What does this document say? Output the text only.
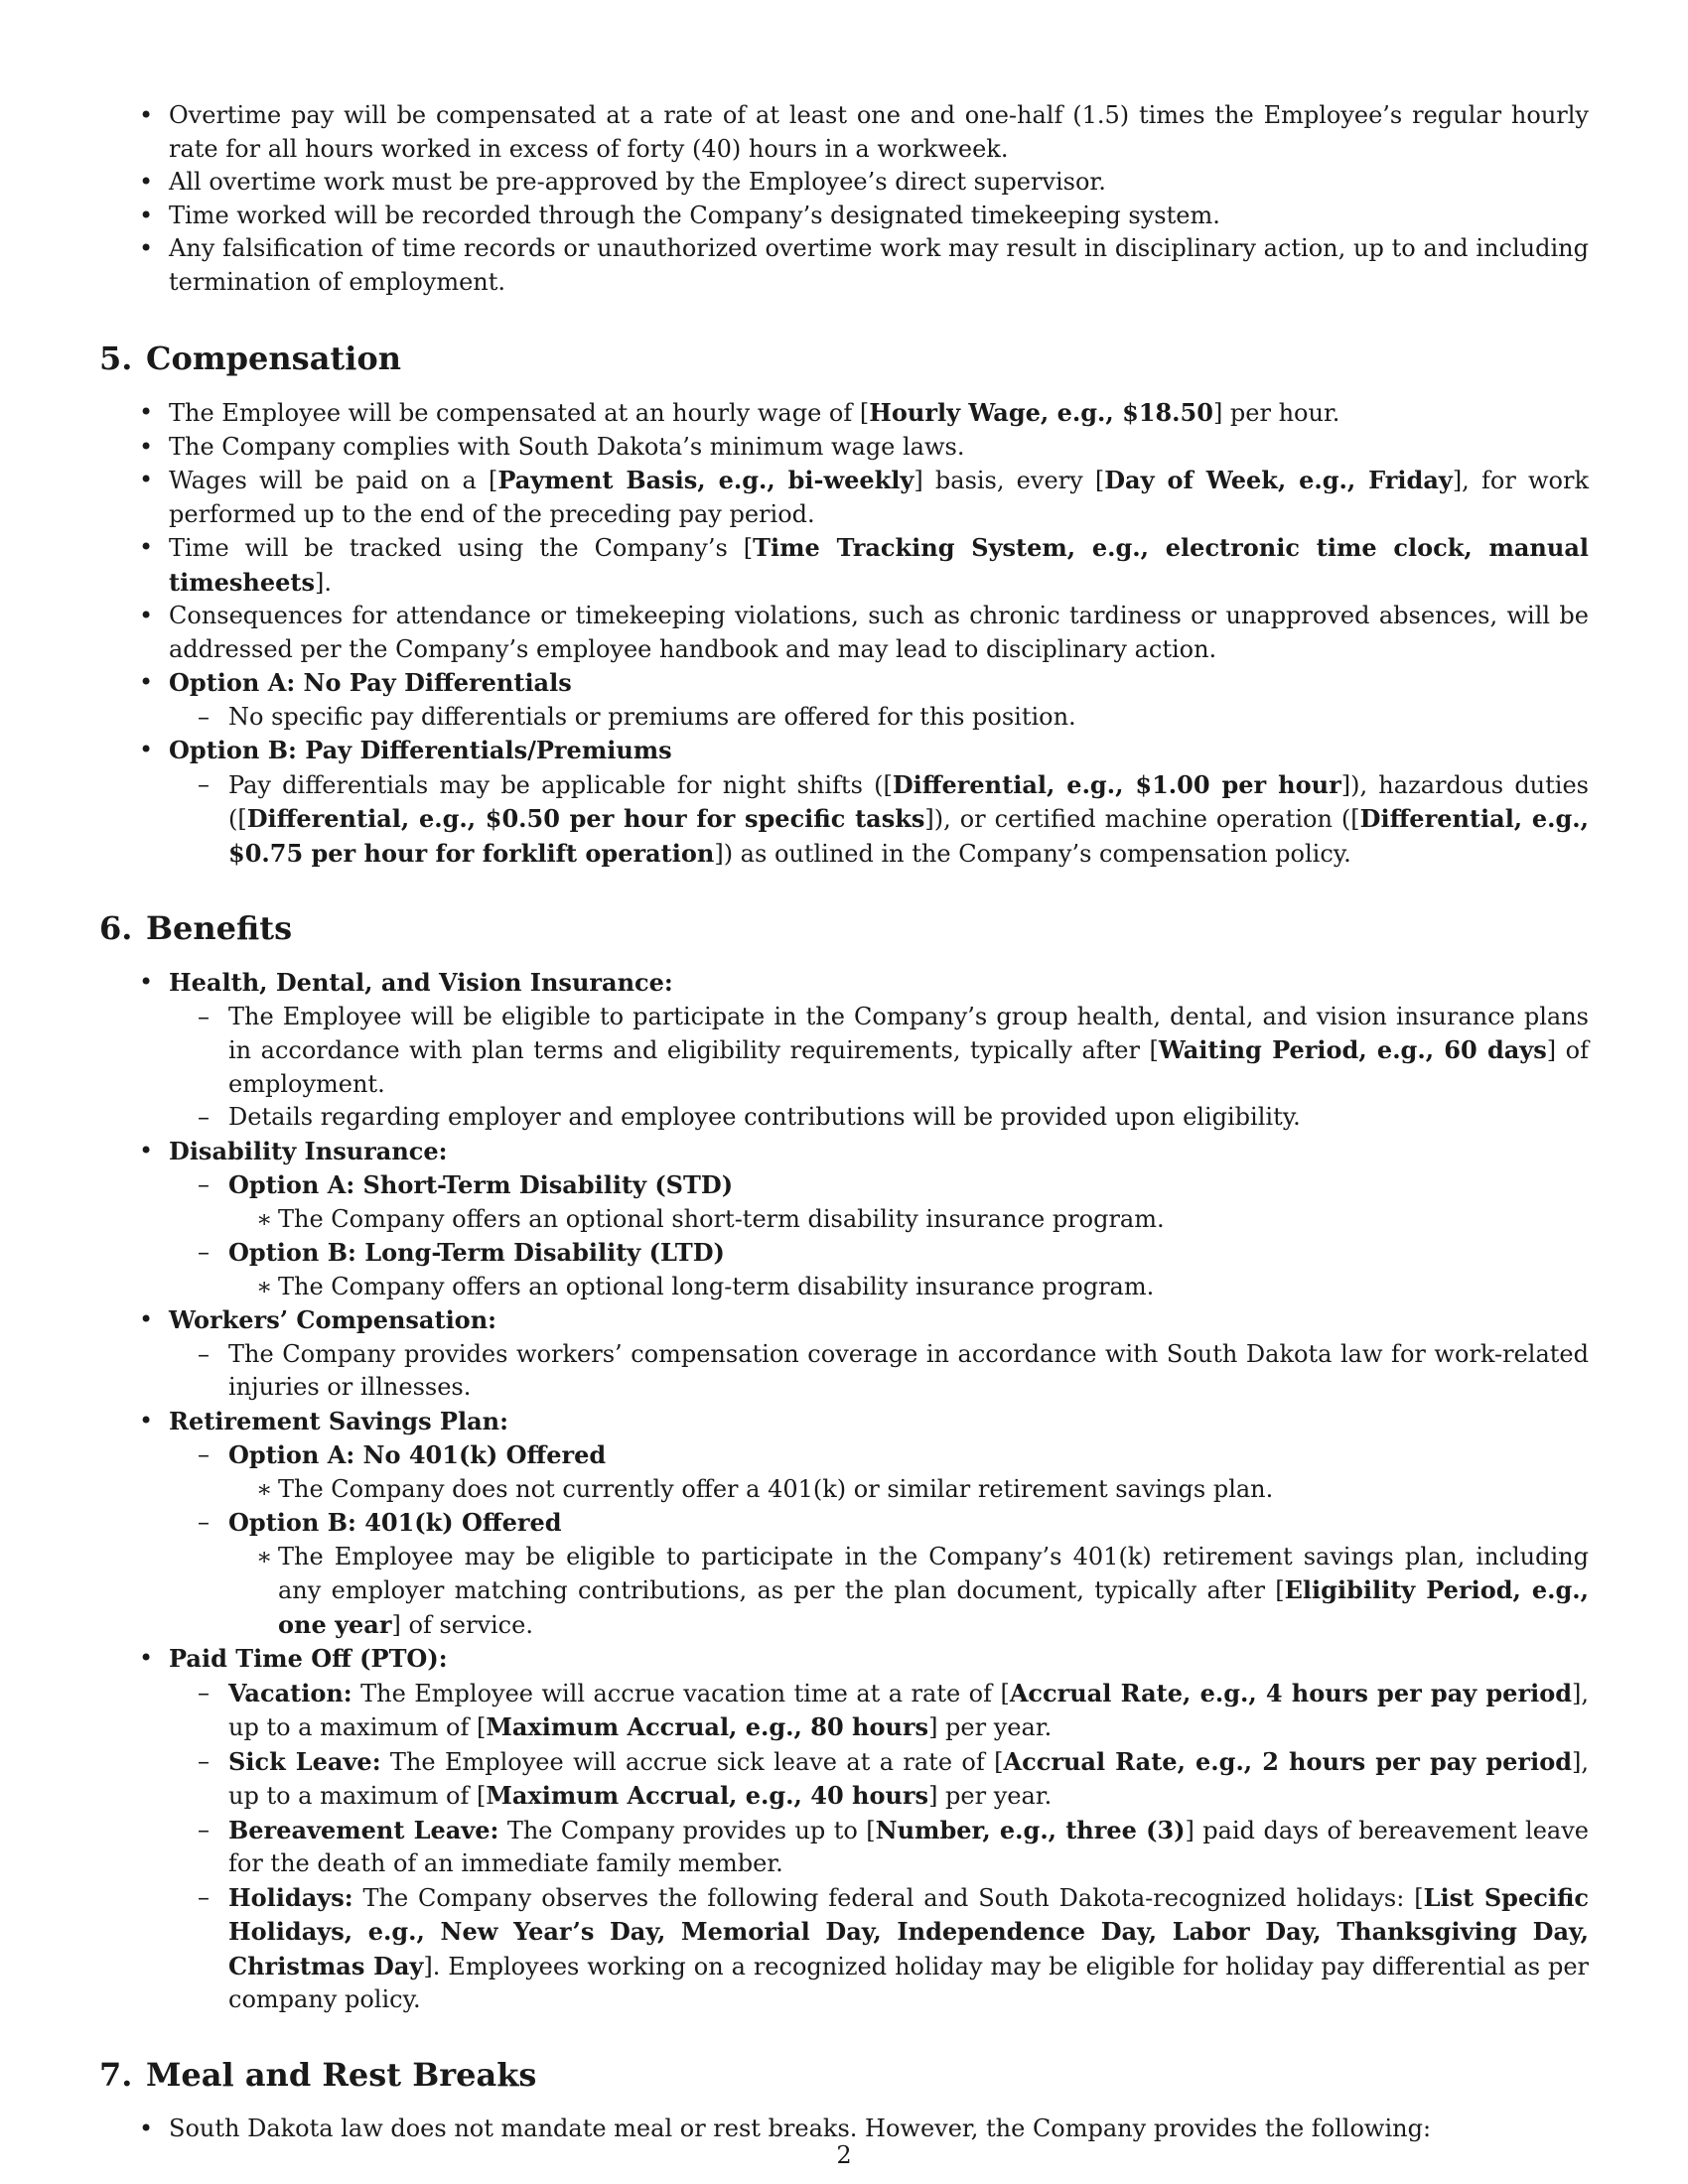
• Overtime pay will be compensated at a rate of at least one and one-half (1.5) times the Employee’s regular hourly rate for all hours worked in excess of forty (40) hours in a workweek.
• All overtime work must be pre-approved by the Employee’s direct supervisor.
• Time worked will be recorded through the Company’s designated timekeeping system.
• Any falsification of time records or unauthorized overtime work may result in disciplinary action, up to and including termination of employment.
5. Compensation
• The Employee will be compensated at an hourly wage of [Hourly Wage, e.g., $18.50] per hour.
• The Company complies with South Dakota’s minimum wage laws.
• Wages will be paid on a [Payment Basis, e.g., bi-weekly] basis, every [Day of Week, e.g., Friday], for work performed up to the end of the preceding pay period.
• Time will be tracked using the Company’s [Time Tracking System, e.g., electronic time clock, manual timesheets].
• Consequences for attendance or timekeeping violations, such as chronic tardiness or unapproved absences, will be addressed per the Company’s employee handbook and may lead to disciplinary action.
• Option A: No Pay Differentials
– No specific pay differentials or premiums are offered for this position.
• Option B: Pay Differentials/Premiums
– Pay differentials may be applicable for night shifts ([Differential, e.g., $1.00 per hour]), hazardous duties ([Differential, e.g., $0.50 per hour for specific tasks]), or certified machine operation ([Differential, e.g., $0.75 per hour for forklift operation]) as outlined in the Company’s compensation policy.
6. Benefits
• Health, Dental, and Vision Insurance:
– The Employee will be eligible to participate in the Company’s group health, dental, and vision insurance plans in accordance with plan terms and eligibility requirements, typically after [Waiting Period, e.g., 60 days] of employment.
– Details regarding employer and employee contributions will be provided upon eligibility.
• Disability Insurance:
– Option A: Short-Term Disability (STD)
∗ The Company offers an optional short-term disability insurance program.
– Option B: Long-Term Disability (LTD)
∗ The Company offers an optional long-term disability insurance program.
• Workers’ Compensation:
– The Company provides workers’ compensation coverage in accordance with South Dakota law for work-related injuries or illnesses.
• Retirement Savings Plan:
– Option A: No 401(k) Offered
∗ The Company does not currently offer a 401(k) or similar retirement savings plan.
– Option B: 401(k) Offered
∗ The Employee may be eligible to participate in the Company’s 401(k) retirement savings plan, including any employer matching contributions, as per the plan document, typically after [Eligibility Period, e.g., one year] of service.
• Paid Time Off (PTO):
– Vacation: The Employee will accrue vacation time at a rate of [Accrual Rate, e.g., 4 hours per pay period], up to a maximum of [Maximum Accrual, e.g., 80 hours] per year.
– Sick Leave: The Employee will accrue sick leave at a rate of [Accrual Rate, e.g., 2 hours per pay period], up to a maximum of [Maximum Accrual, e.g., 40 hours] per year.
– Bereavement Leave: The Company provides up to [Number, e.g., three (3)] paid days of bereavement leave for the death of an immediate family member.
– Holidays: The Company observes the following federal and South Dakota-recognized holidays: [List Specific Holidays, e.g., New Year’s Day, Memorial Day, Independence Day, Labor Day, Thanksgiving Day, Christmas Day]. Employees working on a recognized holiday may be eligible for holiday pay differential as per company policy.
7. Meal and Rest Breaks
• South Dakota law does not mandate meal or rest breaks. However, the Company provides the following:
2
